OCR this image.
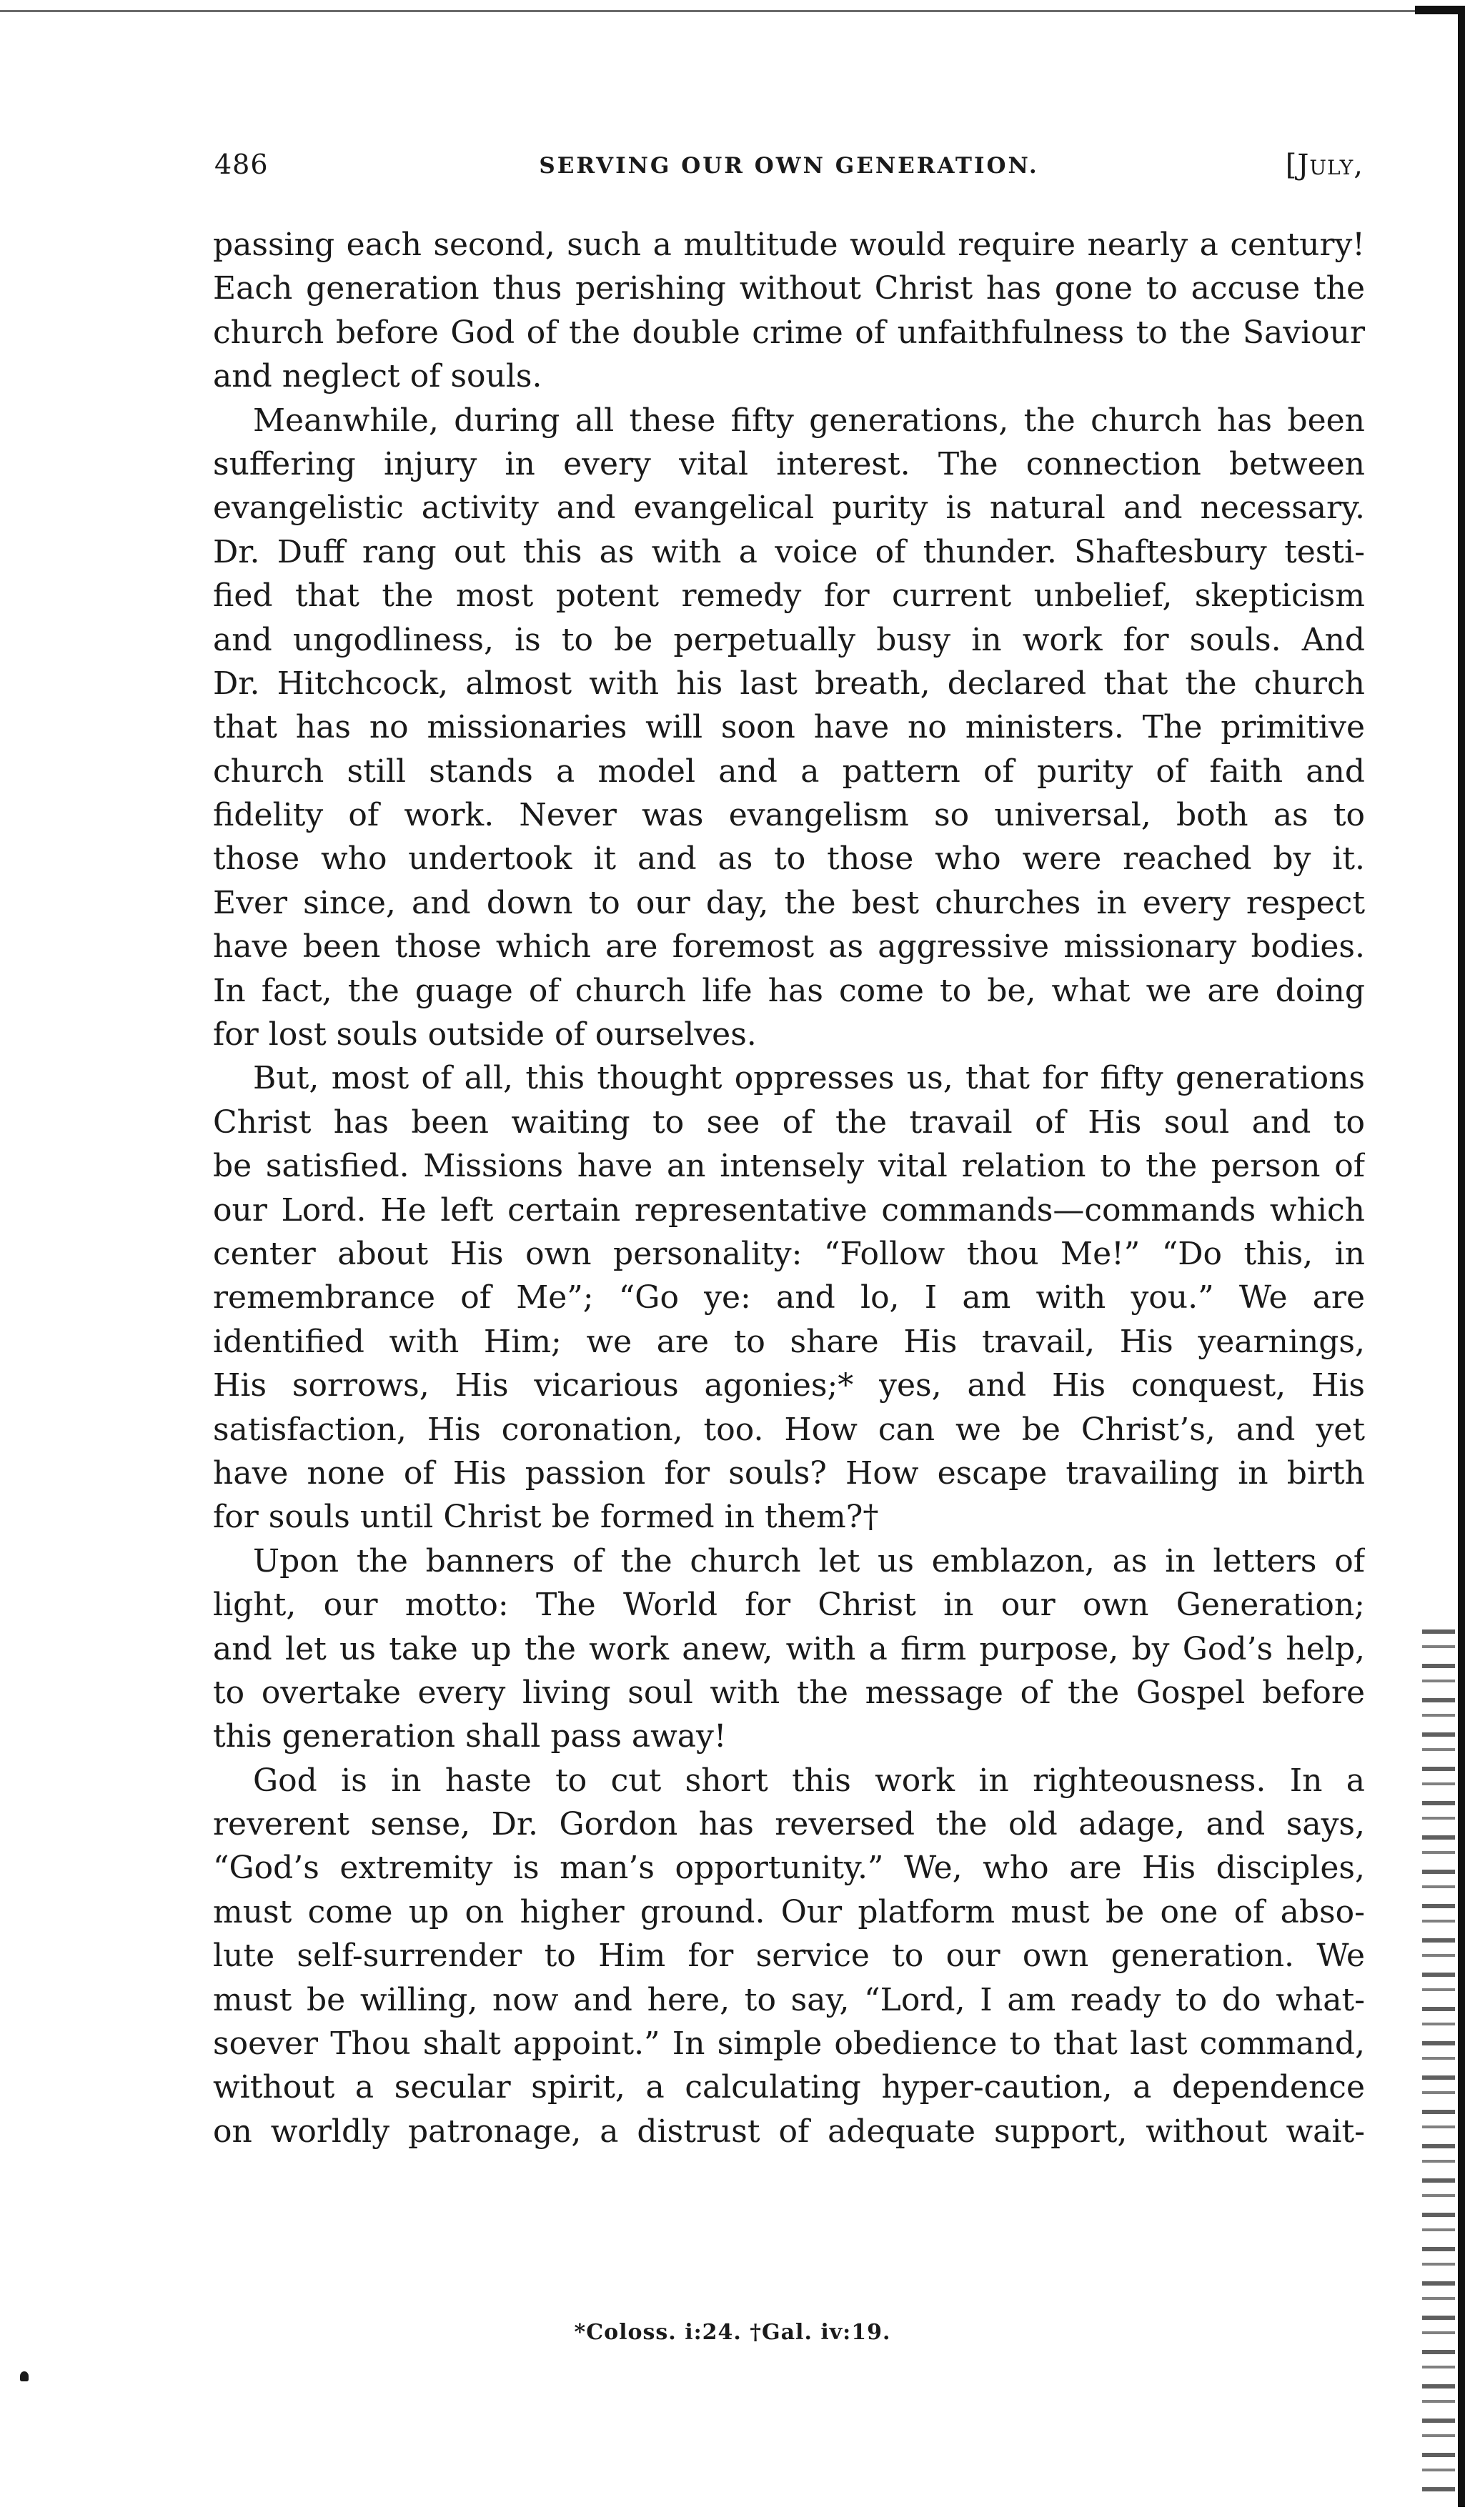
486	SERVING OUR OWN GENERATION.	[July,
passing each second, such a multitude would require nearly a century!
Each generation thus perishing without Christ has gone to accuse the
church before God of the double crime of unfaithfulness to the Saviour
and neglect of souls.
Meanwhile, during all these fifty generations, the church has been
suffering injury in every vital interest. The connection between
evangelistic activity and evangelical purity is natural and necessary.
Dr. Duff rang out this as with a voice of thunder. Shaftesbury testi-
fied that the most potent remedy for current unbelief, skepticism
and ungodliness, is to be perpetually busy in work for souls. And
Dr. Hitchcock, almost with his last breath, declared that the church
that has no missionaries will soon have no ministers. The primitive
church still stands a model and a pattern of purity of faith and
fidelity of work. Never was evangelism so universal, both as to
those who undertook it and as to those who were reached by it.
Ever since, and down to our day, the best churches in every respect
have been those which are foremost as aggressive missionary bodies.
In fact, the guage of church life has come to be, what we are doing
for lost souls outside of ourselves.
But, most of all, this thought oppresses us, that for fifty generations
Christ has been waiting to see of the travail of His soul and to
be satisfied. Missions have an intensely vital relation to the person of
our Lord. He left certain representative commands—commands which
center about His own personality: “Follow thou Me!” “Do this, in
remembrance of Me”; “Go ye: and lo, I am with you.” We are
identified with Him; we are to share His travail, His yearnings,
His sorrows, His vicarious agonies;* yes, and His conquest, His
satisfaction, His coronation, too. How can we be Christ’s, and yet
have none of His passion for souls? How escape travailing in birth
for souls until Christ be formed in them?†
Upon the banners of the church let us emblazon, as in letters of
light, our motto: The World for Christ in our own Generation;
and let us take up the work anew, with a firm purpose, by God’s help,
to overtake every living soul with the message of the Gospel before
this generation shall pass away!
God is in haste to cut short this work in righteousness. In a
reverent sense, Dr. Gordon has reversed the old adage, and says,
“God’s extremity is man’s opportunity.” We, who are His disciples,
must come up on higher ground. Our platform must be one of abso-
lute self-surrender to Him for service to our own generation. We
must be willing, now and here, to say, “Lord, I am ready to do what-
soever Thou shalt appoint.” In simple obedience to that last command,
without a secular spirit, a calculating hyper-caution, a dependence
on worldly patronage, a distrust of adequate support, without wait-
*Coloss. i:24. †Gal. iv:19.
